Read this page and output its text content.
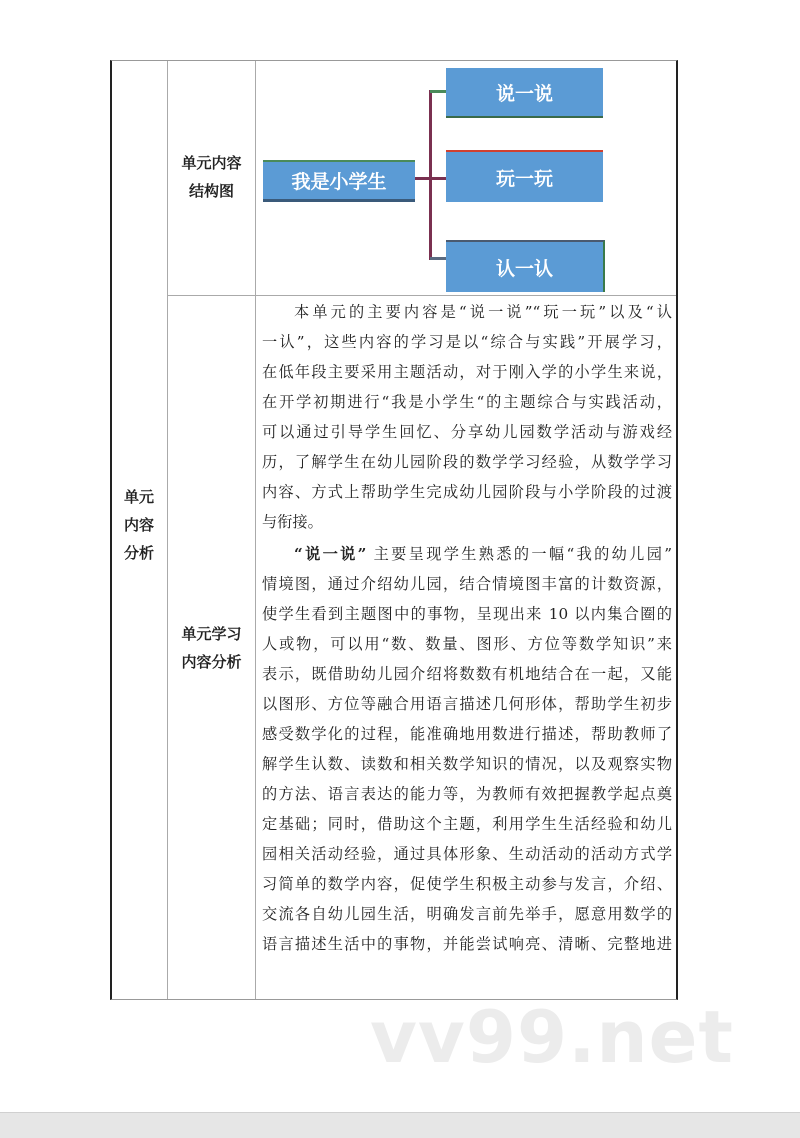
单元
内容
分析
单元内容
结构图
单元学习
内容分析
我是小学生
说一说
玩一玩
认一认
本单元的主要内容是“说一说”“玩一玩”以及“认
一认”，这些内容的学习是以“综合与实践”开展学习，
在低年段主要采用主题活动，对于刚入学的小学生来说，
在开学初期进行“我是小学生“的主题综合与实践活动，
可以通过引导学生回忆、分享幼儿园数学活动与游戏经
历，了解学生在幼儿园阶段的数学学习经验，从数学学习
内容、方式上帮助学生完成幼儿园阶段与小学阶段的过渡
与衔接。
“说一说” 主要呈现学生熟悉的一幅“我的幼儿园”
情境图，通过介绍幼儿园，结合情境图丰富的计数资源，
使学生看到主题图中的事物，呈现出来 10 以内集合圈的
人或物，可以用“数、数量、图形、方位等数学知识”来
表示，既借助幼儿园介绍将数数有机地结合在一起，又能
以图形、方位等融合用语言描述几何形体，帮助学生初步
感受数学化的过程，能准确地用数进行描述，帮助教师了
解学生认数、读数和相关数学知识的情况，以及观察实物
的方法、语言表达的能力等，为教师有效把握教学起点奠
定基础；同时，借助这个主题，利用学生生活经验和幼儿
园相关活动经验，通过具体形象、生动活动的活动方式学
习简单的数学内容，促使学生积极主动参与发言，介绍、
交流各自幼儿园生活，明确发言前先举手，愿意用数学的
语言描述生活中的事物，并能尝试响亮、清晰、完整地进
vv99.net
